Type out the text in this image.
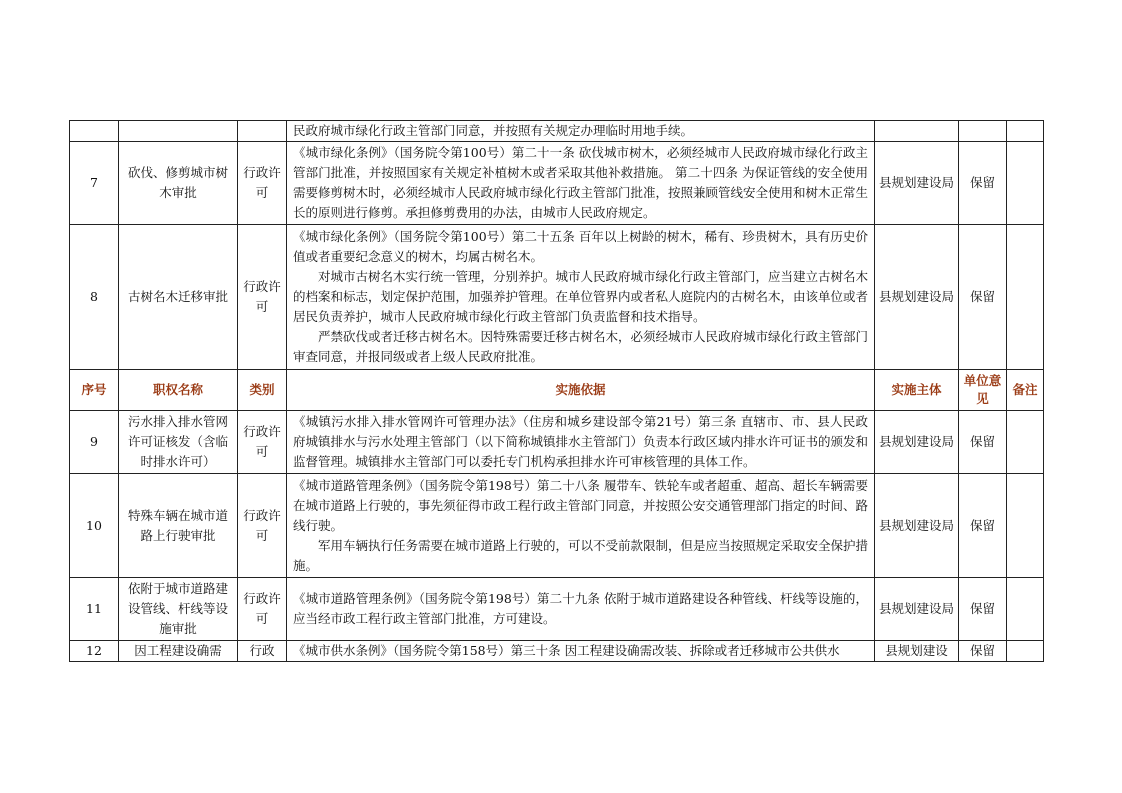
			民政府城市绿化行政主管部门同意，并按照有关规定办理临时用地手续。			

7	砍伐、修剪城市树木审批	行政许可	《城市绿化条例》（国务院令第100号）第二十一条 砍伐城市树木，必须经城市人民政府城市绿化行政主管部门批准，并按照国家有关规定补植树木或者采取其他补救措施。 第二十四条 为保证管线的安全使用需要修剪树木时，必须经城市人民政府城市绿化行政主管部门批准，按照兼顾管线安全使用和树木正常生长的原则进行修剪。承担修剪费用的办法，由城市人民政府规定。	县规划建设局	保留	
8	古树名木迁移审批	行政许可	《城市绿化条例》（国务院令第100号）第二十五条 百年以上树龄的树木，稀有、珍贵树木，具有历史价值或者重要纪念意义的树木，均属古树名木。

对城市古树名木实行统一管理，分别养护。城市人民政府城市绿化行政主管部门，应当建立古树名木的档案和标志，划定保护范围，加强养护管理。在单位管界内或者私人庭院内的古树名木，由该单位或者居民负责养护，城市人民政府城市绿化行政主管部门负责监督和技术指导。

严禁砍伐或者迁移古树名木。因特殊需要迁移古树名木，必须经城市人民政府城市绿化行政主管部门审查同意，并报同级或者上级人民政府批准。	县规划建设局	保留	
序号	职权名称	类别	实施依据	实施主体	单位意见	备注
9	污水排入排水管网许可证核发（含临时排水许可）	行政许可	《城镇污水排入排水管网许可管理办法》（住房和城乡建设部令第21号）第三条 直辖市、市、县人民政府城镇排水与污水处理主管部门（以下简称城镇排水主管部门）负责本行政区域内排水许可证书的颁发和监督管理。城镇排水主管部门可以委托专门机构承担排水许可审核管理的具体工作。	县规划建设局	保留	
10	特殊车辆在城市道路上行驶审批	行政许可	《城市道路管理条例》（国务院令第198号）第二十八条 履带车、铁轮车或者超重、超高、超长车辆需要在城市道路上行驶的，事先须征得市政工程行政主管部门同意，并按照公安交通管理部门指定的时间、路线行驶。

军用车辆执行任务需要在城市道路上行驶的，可以不受前款限制，但是应当按照规定采取安全保护措施。	县规划建设局	保留	
11	依附于城市道路建设管线、杆线等设施审批	行政许可	《城市道路管理条例》（国务院令第198号）第二十九条 依附于城市道路建设各种管线、杆线等设施的，应当经市政工程行政主管部门批准，方可建设。	县规划建设局	保留	
12	因工程建设确需	行政	《城市供水条例》（国务院令第158号）第三十条 因工程建设确需改装、拆除或者迁移城市公共供水	县规划建设	保留	
